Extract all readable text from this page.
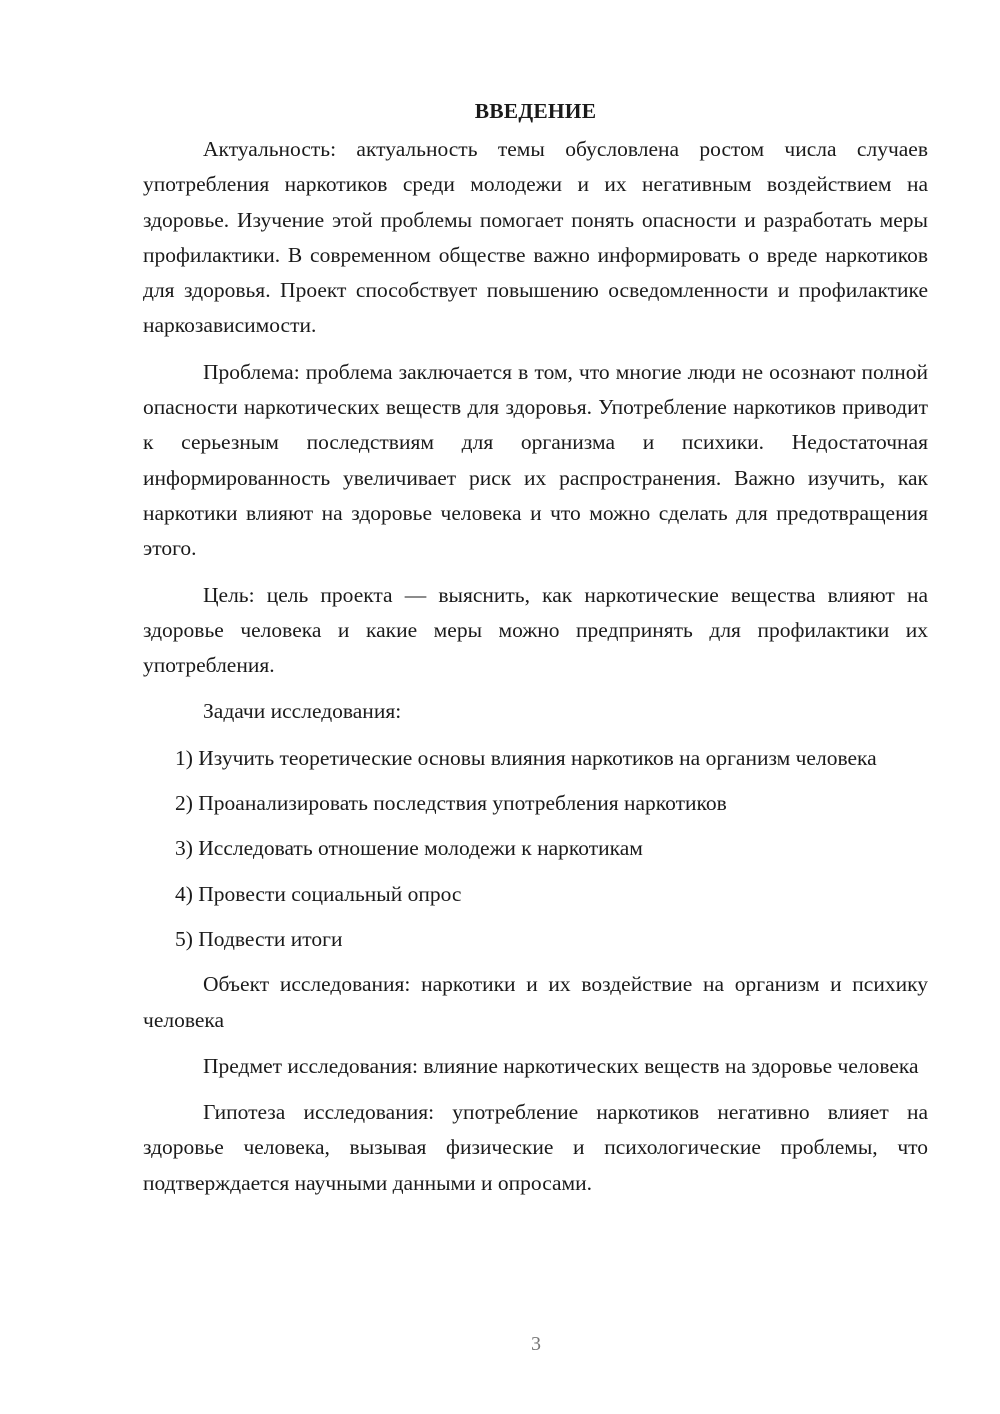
ВВЕДЕНИЕ

Актуальность: актуальность темы обусловлена ростом числа случаев употребления наркотиков среди молодежи и их негативным воздействием на здоровье. Изучение этой проблемы помогает понять опасности и разработать меры профилактики. В современном обществе важно информировать о вреде наркотиков для здоровья. Проект способствует повышению осведомленности и профилактике наркозависимости.

Проблема: проблема заключается в том, что многие люди не осознают полной опасности наркотических веществ для здоровья. Употребление наркотиков приводит к серьезным последствиям для организма и психики. Недостаточная информированность увеличивает риск их распространения. Важно изучить, как наркотики влияют на здоровье человека и что можно сделать для предотвращения этого.

Цель: цель проекта — выяснить, как наркотические вещества влияют на здоровье человека и какие меры можно предпринять для профилактики их употребления.

Задачи исследования:

1) Изучить теоретические основы влияния наркотиков на организм человека

2) Проанализировать последствия употребления наркотиков

3) Исследовать отношение молодежи к наркотикам

4) Провести социальный опрос

5) Подвести итоги

Объект исследования: наркотики и их воздействие на организм и психику человека

Предмет исследования: влияние наркотических веществ на здоровье человека

Гипотеза исследования: употребление наркотиков негативно влияет на здоровье человека, вызывая физические и психологические проблемы, что подтверждается научными данными и опросами.

3
